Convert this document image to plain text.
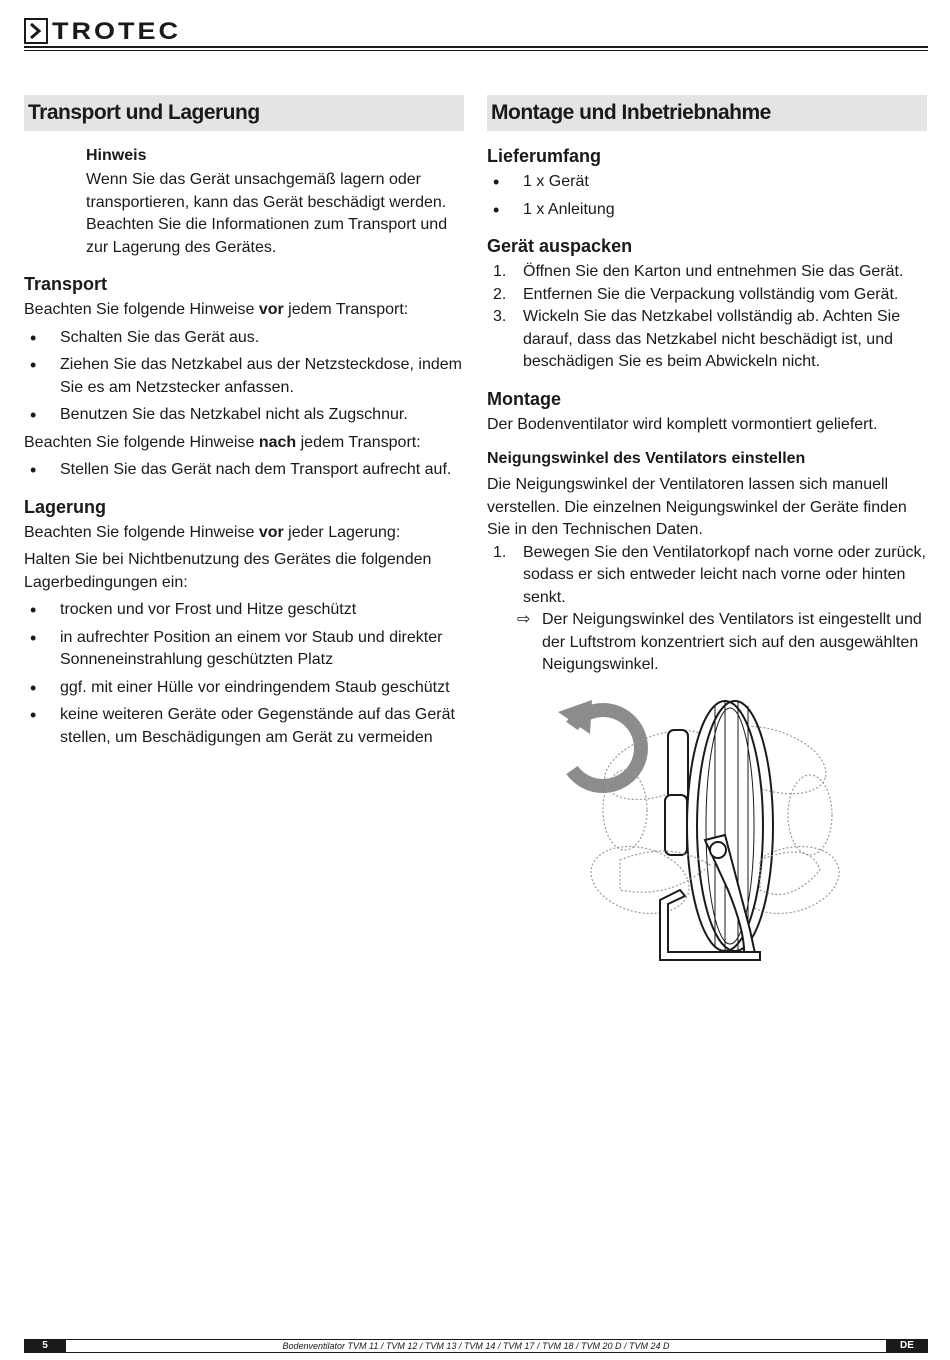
TROTEC
Transport und Lagerung
Hinweis

Wenn Sie das Gerät unsachgemäß lagern oder transportieren, kann das Gerät beschädigt werden. Beachten Sie die Informationen zum Transport und zur Lagerung des Gerätes.

Transport

Beachten Sie folgende Hinweise vor jedem Transport:

• Schalten Sie das Gerät aus.
• Ziehen Sie das Netzkabel aus der Netzsteckdose, indem Sie es am Netzstecker anfassen.
• Benutzen Sie das Netzkabel nicht als Zugschnur.

Beachten Sie folgende Hinweise nach jedem Transport:

• Stellen Sie das Gerät nach dem Transport aufrecht auf.
Lagerung

Beachten Sie folgende Hinweise vor jeder Lagerung:

Halten Sie bei Nichtbenutzung des Gerätes die folgenden Lagerbedingungen ein:

• trocken und vor Frost und Hitze geschützt
• in aufrechter Position an einem vor Staub und direkter Sonneneinstrahlung geschützten Platz
• ggf. mit einer Hülle vor eindringendem Staub geschützt
• keine weiteren Geräte oder Gegenstände auf das Gerät stellen, um Beschädigungen am Gerät zu vermeiden
Montage und Inbetriebnahme
Lieferumfang
• 1 x Gerät
• 1 x Anleitung
Gerät auspacken
1. Öffnen Sie den Karton und entnehmen Sie das Gerät.
2. Entfernen Sie die Verpackung vollständig vom Gerät.
3. Wickeln Sie das Netzkabel vollständig ab. Achten Sie darauf, dass das Netzkabel nicht beschädigt ist, und beschädigen Sie es beim Abwickeln nicht.
Montage

Der Bodenventilator wird komplett vormontiert geliefert.

Neigungswinkel des Ventilators einstellen

Die Neigungswinkel der Ventilatoren lassen sich manuell verstellen. Die einzelnen Neigungswinkel der Geräte finden Sie in den Technischen Daten.

1. Bewegen Sie den Ventilatorkopf nach vorne oder zurück, sodass er sich entweder leicht nach vorne oder hinten senkt.

⇨ Der Neigungswinkel des Ventilators ist eingestellt und der Luftstrom konzentriert sich auf den ausgewählten Neigungswinkel.

5	Bodenventilator TVM 11 / TVM 12 / TVM 13 / TVM 14 / TVM 17 / TVM 18 / TVM 20 D / TVM 24 D	DE
